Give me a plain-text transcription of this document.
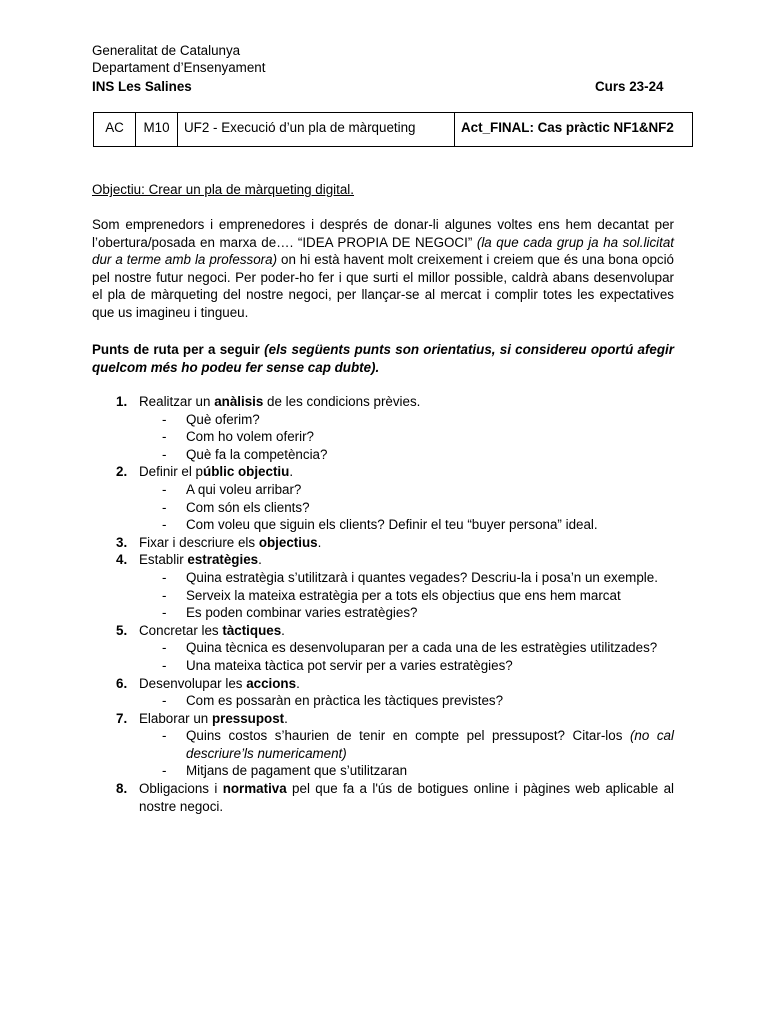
Generalitat de Catalunya
Departament d’Ensenyament
INS Les Salines	Curs 23-24
AC	M10	UF2 - Execució d’un pla de màrqueting	Act_FINAL: Cas pràctic NF1&NF2
Objectiu: Crear un pla de màrqueting digital.
Som emprenedors i emprenedores i després de donar-li algunes voltes ens hem decantat per l’obertura/posada en marxa de…. “IDEA PROPIA DE NEGOCI” (la que cada grup ja ha sol.licitat dur a terme amb la professora) on hi està havent molt creixement i creiem que és una bona opció pel nostre futur negoci. Per poder-ho fer i que surti el millor possible, caldrà abans desenvolupar el pla de màrqueting del nostre negoci, per llançar-se al mercat i complir totes les expectatives que us imagineu i tingueu.
Punts de ruta per a seguir (els següents punts son orientatius, si considereu oportú afegir quelcom més ho podeu fer sense cap dubte).
1. Realitzar un anàlisis de les condicions prèvies.
- Què oferim?
- Com ho volem oferir?
- Què fa la competència?
2. Definir el públic objectiu.
- A qui voleu arribar?
- Com són els clients?
- Com voleu que siguin els clients? Definir el teu “buyer persona” ideal.
3. Fixar i descriure els objectius.
4. Establir estratègies.
- Quina estratègia s’utilitzarà i quantes vegades? Descriu-la i posa’n un exemple.
- Serveix la mateixa estratègia per a tots els objectius que ens hem marcat
- Es poden combinar varies estratègies?
5. Concretar les tàctiques.
- Quina tècnica es desenvoluparan per a cada una de les estratègies utilitzades?
- Una mateixa tàctica pot servir per a varies estratègies?
6. Desenvolupar les accions.
- Com es possaràn en pràctica les tàctiques previstes?
7. Elaborar un pressupost.
- Quins costos s’haurien de tenir en compte pel pressupost? Citar-los (no cal descriure’ls numericament)
- Mitjans de pagament que s’utilitzaran
8. Obligacions i normativa pel que fa a l'ús de botigues online i pàgines web aplicable al nostre negoci.
